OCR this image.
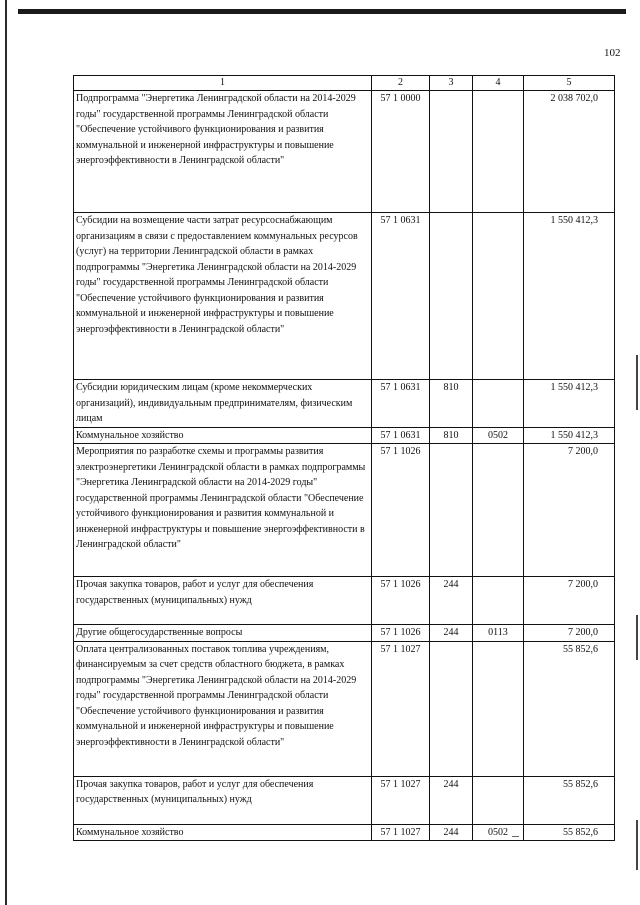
102
1	2	3	4	5
Подпрограмма "Энергетика Ленинградской области на 2014-2029 годы" государственной программы Ленинградской области "Обеспечение устойчивого функционирования и развития коммунальной и инженерной инфраструктуры и повышение энергоэффективности в Ленинградской области"	57 1 0000			2 038 702,0
Субсидии на возмещение части затрат ресурсоснабжающим организациям в связи с предоставлением коммунальных ресурсов (услуг) на территории Ленинградской области в рамках подпрограммы "Энергетика Ленинградской области на 2014-2029 годы" государственной программы Ленинградской области "Обеспечение устойчивого функционирования и развития коммунальной и инженерной инфраструктуры и повышение энергоэффективности в Ленинградской области"	57 1 0631			1 550 412,3
Субсидии юридическим лицам (кроме некоммерческих организаций), индивидуальным предпринимателям, физическим лицам	57 1 0631	810		1 550 412,3
Коммунальное хозяйство	57 1 0631	810	0502	1 550 412,3
Мероприятия по разработке схемы и программы развития электроэнергетики Ленинградской области в рамках подпрограммы "Энергетика Ленинградской области на 2014-2029 годы" государственной программы Ленинградской области "Обеспечение устойчивого функционирования и развития коммунальной и инженерной инфраструктуры и повышение энергоэффективности в Ленинградской области"	57 1 1026			7 200,0
Прочая закупка товаров, работ и услуг для обеспечения государственных (муниципальных) нужд	57 1 1026	244		7 200,0
Другие общегосударственные вопросы	57 1 1026	244	0113	7 200,0
Оплата централизованных поставок топлива учреждениям, финансируемым за счет средств областного бюджета, в рамках подпрограммы "Энергетика Ленинградской области на 2014-2029 годы" государственной программы Ленинградской области "Обеспечение устойчивого функционирования и развития коммунальной и инженерной инфраструктуры и повышение энергоэффективности в Ленинградской области"	57 1 1027			55 852,6
Прочая закупка товаров, работ и услуг для обеспечения государственных (муниципальных) нужд	57 1 1027	244		55 852,6
Коммунальное хозяйство	57 1 1027	244	0502	55 852,6
